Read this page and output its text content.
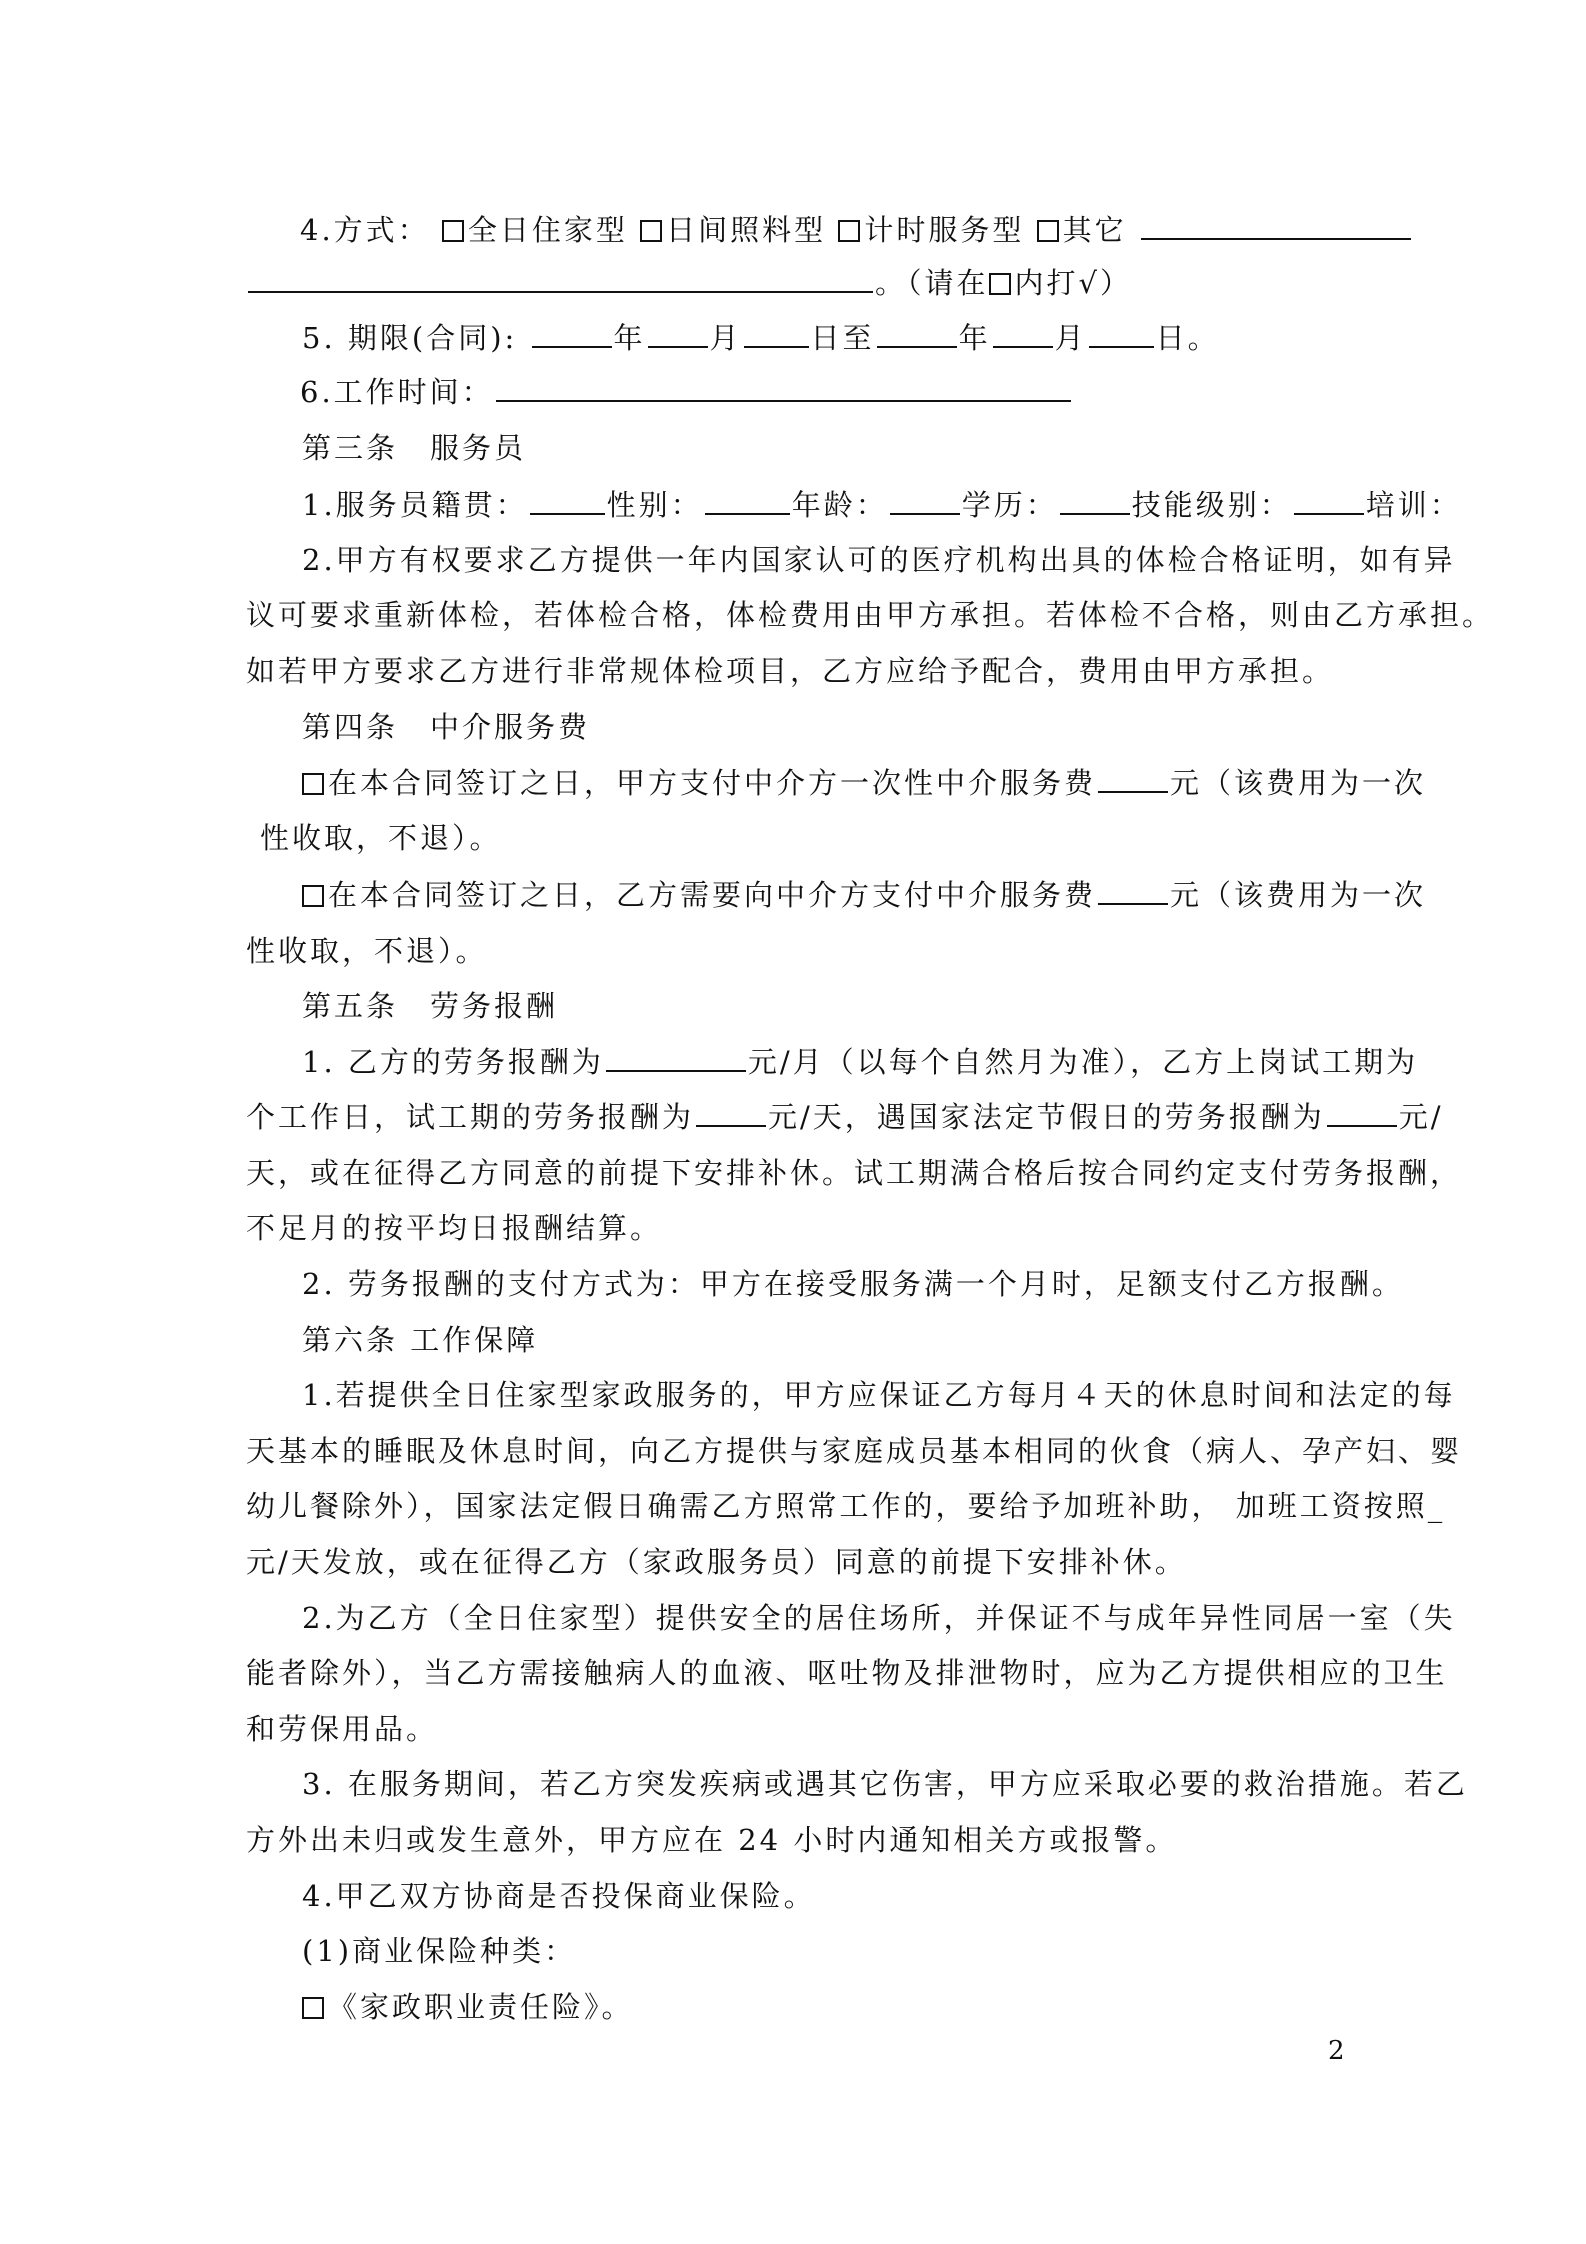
4.方式： 全日住家型 日间照料型 计时服务型 其它
。（请在 内打√）
5. 期限(合同):	年 月 日至	年 月 日。
6.工作时间：
第三条　服务员
1.服务员籍贯：	性别：	年龄：	学历：	技能级别：	培训：
2.甲方有权要求乙方提供一年内国家认可的医疗机构出具的体检合格证明，如有异
议可要求重新体检，若体检合格，体检费用由甲方承担。若体检不合格，则由乙方承担。
如若甲方要求乙方进行非常规体检项目，乙方应给予配合，费用由甲方承担。
第四条　中介服务费
在本合同签订之日，甲方支付中介方一次性中介服务费	元（该费用为一次
性收取，不退）。
在本合同签订之日，乙方需要向中介方支付中介服务费	元（该费用为一次
性收取，不退）。
第五条　劳务报酬
1. 乙方的劳务报酬为	元/月（以每个自然月为准），乙方上岗试工期为
个工作日，试工期的劳务报酬为	元/天，遇国家法定节假日的劳务报酬为	元/
天，或在征得乙方同意的前提下安排补休。试工期满合格后按合同约定支付劳务报酬，
不足月的按平均日报酬结算。
2. 劳务报酬的支付方式为：甲方在接受服务满一个月时，足额支付乙方报酬。
第六条 工作保障
1.若提供全日住家型家政服务的，甲方应保证乙方每月４天的休息时间和法定的每
天基本的睡眠及休息时间，向乙方提供与家庭成员基本相同的伙食（病人、孕产妇、婴
幼儿餐除外），国家法定假日确需乙方照常工作的，要给予加班补助， 加班工资按照_
元/天发放，或在征得乙方（家政服务员）同意的前提下安排补休。
2.为乙方（全日住家型）提供安全的居住场所，并保证不与成年异性同居一室（失
能者除外），当乙方需接触病人的血液、呕吐物及排泄物时，应为乙方提供相应的卫生
和劳保用品。
3. 在服务期间，若乙方突发疾病或遇其它伤害，甲方应采取必要的救治措施。若乙
方外出未归或发生意外，甲方应在 24 小时内通知相关方或报警。
4.甲乙双方协商是否投保商业保险。
(1)商业保险种类：
《家政职业责任险》。
2
